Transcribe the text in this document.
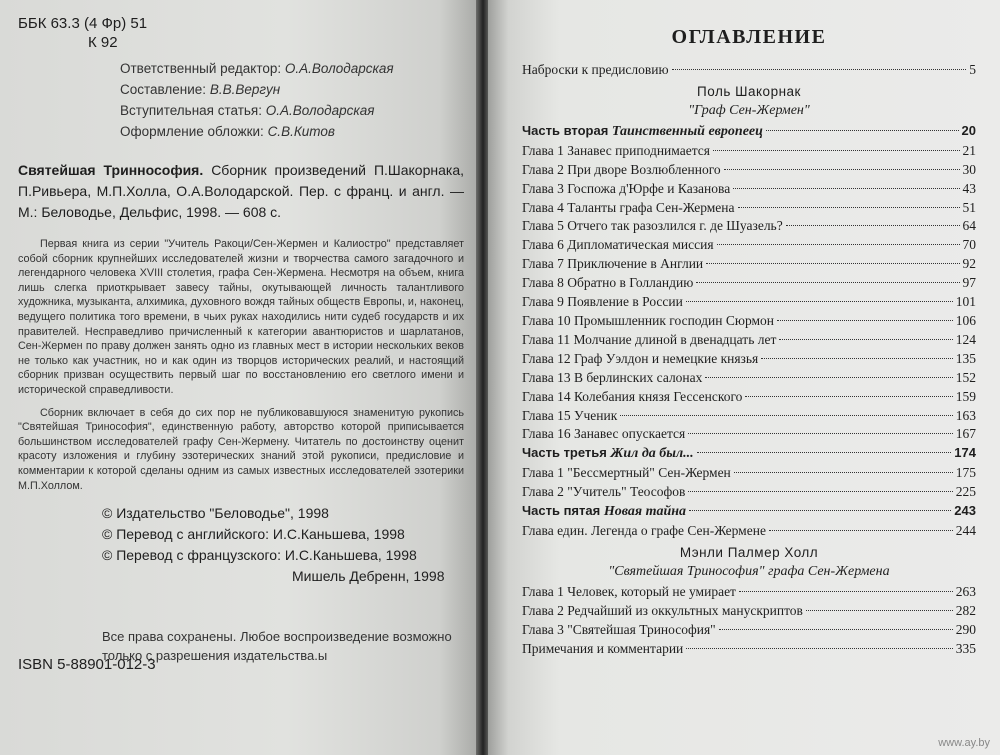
ББК 63.3 (4 Фр) 51
К 92
Ответственный редактор: О.А.Володарская
Составление: В.В.Вергун
Вступительная статья: О.А.Володарская
Оформление обложки: С.В.Китов
Святейшая Триннософия. Сборник произведений П.Шакорнака, П.Ривьера, М.П.Холла, О.А.Володарской. Пер. с франц. и англ. — М.: Беловодье, Дельфис, 1998. — 608 с.

Первая книга из серии "Учитель Ракоци/Сен-Жермен и Калиостро" представляет собой сборник крупнейших исследователей жизни и творчества самого загадочного и легендарного человека XVIII столетия, графа Сен-Жермена. Несмотря на объем, книга лишь слегка приоткрывает завесу тайны, окутывающей личность талантливого художника, музыканта, алхимика, духовного вождя тайных обществ Европы, и, наконец, ведущего политика того времени, в чьих руках находились нити судеб государств и их правителей. Несправедливо причисленный к категории авантюристов и шарлатанов, Сен-Жермен по праву должен занять одно из главных мест в истории нескольких веков не только как участник, но и как один из творцов исторических реалий, и настоящий сборник призван осуществить первый шаг по восстановлению его светлого имени и исторической справедливости.

Сборник включает в себя до сих пор не публиковавшуюся знаменитую рукопись "Святейшая Тринософия", единственную работу, авторство которой приписывается большинством исследователей графу Сен-Жермену. Читатель по достоинству оценит красоту изложения и глубину эзотерических знаний этой рукописи, предисловие и комментарии к которой сделаны одним из самых известных исследователей эзотерики М.П.Холлом.

© Издательство "Беловодье", 1998
© Перевод с английского: И.С.Каньшева, 1998
© Перевод с французского: И.С.Каньшева, 1998
Мишель Дебренн, 1998
Все права сохранены. Любое воспроизведение возможно только с разрешения издательства.ы
ISBN 5-88901-012-3
ОГЛАВЛЕНИЕ
Наброски к предисловию	5
Поль Шакорнак
"Граф Сен-Жермен"
Часть вторая Таинственный европеец	20
Глава 1 Занавес приподнимается	21
Глава 2 При дворе Возлюбленного	30
Глава 3 Госпожа д'Юрфе и Казанова	43
Глава 4 Таланты графа Сен-Жермена	51
Глава 5 Отчего так разозлился г. де Шуазель?	64
Глава 6 Дипломатическая миссия	70
Глава 7 Приключение в Англии	92
Глава 8 Обратно в Голландию	97
Глава 9 Появление в России	101
Глава 10 Промышленник господин Сюрмон	106
Глава 11 Молчание длиной в двенадцать лет	124
Глава 12 Граф Уэлдон и немецкие князья	135
Глава 13 В берлинских салонах	152
Глава 14 Колебания князя Гессенского	159
Глава 15 Ученик	163
Глава 16 Занавес опускается	167
Часть третья Жил да был...	174
Глава 1 "Бессмертный" Сен-Жермен	175
Глава 2 "Учитель" Теософов	225
Часть пятая Новая тайна	243
Глава един. Легенда о графе Сен-Жермене	244
Мэнли Палмер Холл
"Святейшая Тринософия" графа Сен-Жермена
Глава 1 Человек, который не умирает	263
Глава 2 Редчайший из оккультных манускриптов	282
Глава 3 "Святейшая Тринософия"	290
Примечания и комментарии	335
www.ay.by
